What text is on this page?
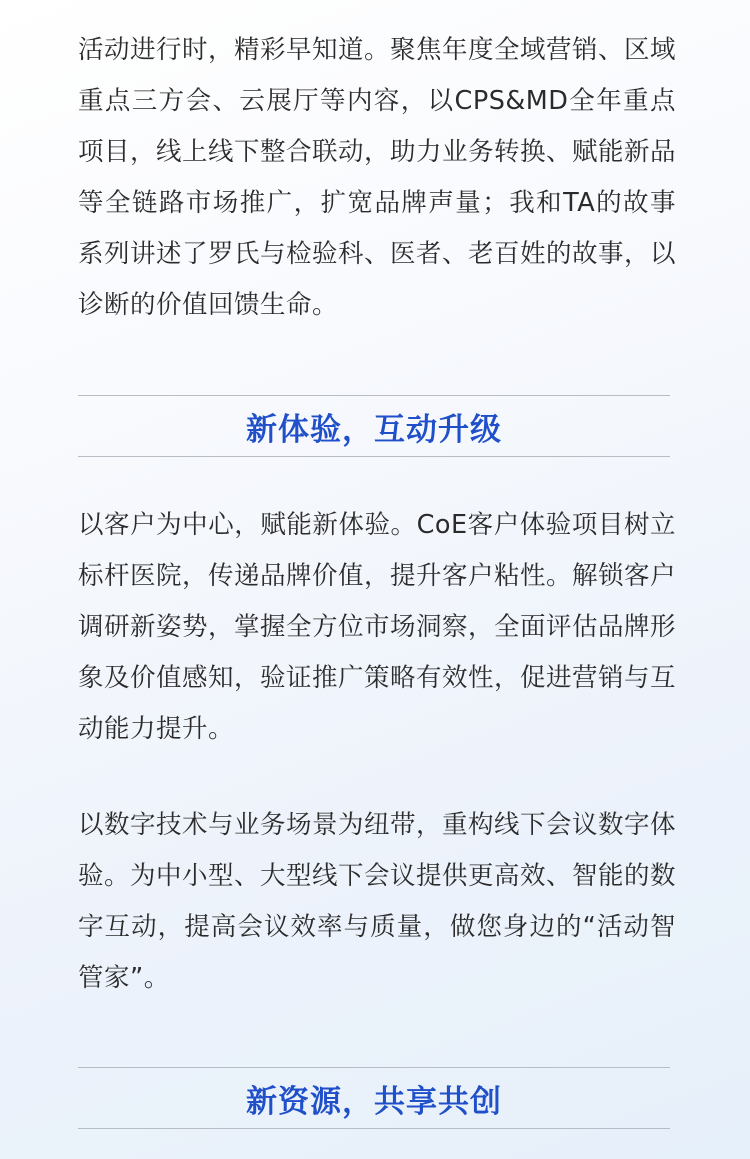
活动进行时，精彩早知道。聚焦年度全域营销、区域重点三方会、云展厅等内容，以CPS&MD全年重点项目，线上线下整合联动，助力业务转换、赋能新品等全链路市场推广，扩宽品牌声量；我和TA的故事系列讲述了罗氏与检验科、医者、老百姓的故事，以诊断的价值回馈生命。

新体验，互动升级

以客户为中心，赋能新体验。CoE客户体验项目树立标杆医院，传递品牌价值，提升客户粘性。解锁客户调研新姿势，掌握全方位市场洞察，全面评估品牌形象及价值感知，验证推广策略有效性，促进营销与互动能力提升。

以数字技术与业务场景为纽带，重构线下会议数字体验。为中小型、大型线下会议提供更高效、智能的数字互动，提高会议效率与质量，做您身边的“活动智管家”。

新资源，共享共创
